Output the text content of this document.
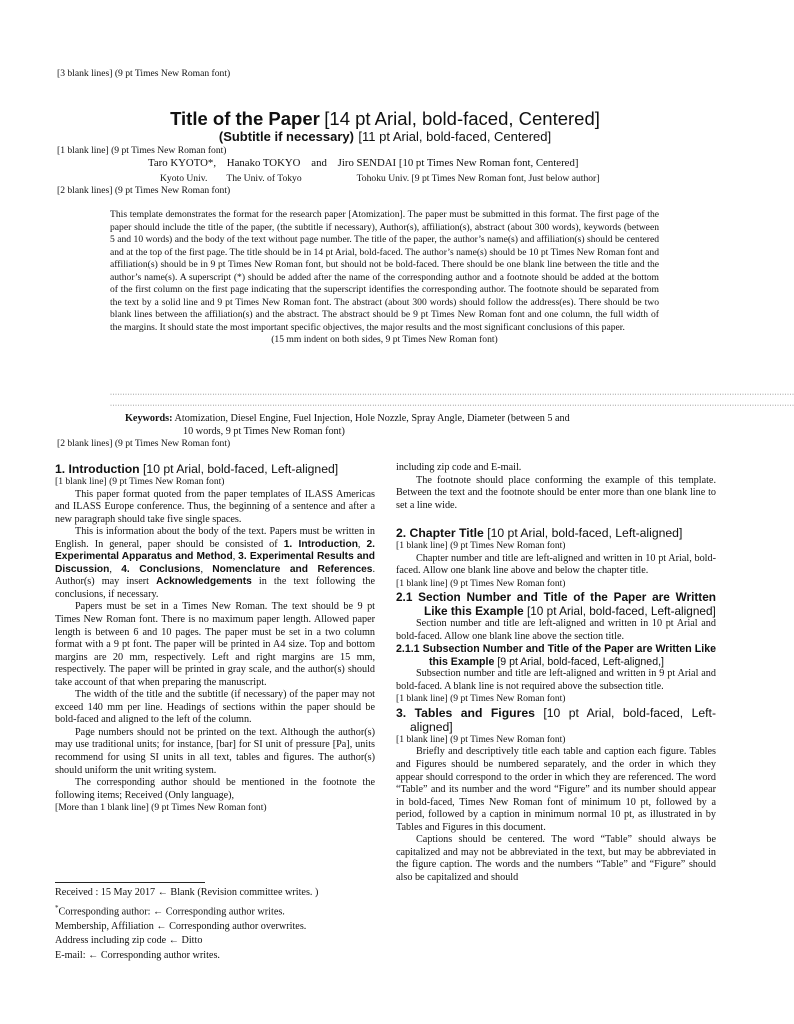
[3 blank lines] (9 pt Times New Roman font)
Title of the Paper [14 pt Arial, bold-faced, Centered]
(Subtitle if necessary) [11 pt Arial, bold-faced, Centered]
[1 blank line] (9 pt Times New Roman font)
Taro KYOTO*,    Hanako TOKYO    and    Jiro SENDAI [10 pt Times New Roman font, Centered]
Kyoto Univ.        The Univ. of Tokyo                       Tohoku Univ. [9 pt Times New Roman font, Just below author]
[2 blank lines] (9 pt Times New Roman font)

This template demonstrates the format for the research paper [Atomization]. The paper must be submitted in this format. The first page of the paper should include the title of the paper, (the subtitle if necessary), Author(s), affiliation(s), abstract (about 300 words), keywords (between 5 and 10 words) and the body of the text without page number. The title of the paper, the author’s name(s) and affiliation(s) should be centered and at the top of the first page. The title should be in 14 pt Arial, bold-faced. The author’s name(s) should be 10 pt Times New Roman font and affiliation(s) should be in 9 pt Times New Roman font, but should not be bold-faced. There should be one blank line between the title and the author’s name(s). A superscript (*) should be added after the name of the corresponding author and a footnote should be added at the bottom of the first column on the first page indicating that the superscript identifies the corresponding author. The footnote should be separated from the text by a solid line and 9 pt Times New Roman font. The abstract (about 300 words) should follow the address(es). There should be two blank lines between the affiliation(s) and the abstract. The abstract should be 9 pt Times New Roman font and one column, the full width of the margins. It should state the most important specific objectives, the major results and the most significant conclusions of this paper.

(15 mm indent on both sides, 9 pt Times New Roman font)

··················································································································································································································································································
··················································································································································································································································································
Keywords: Atomization, Diesel Engine, Fuel Injection, Hole Nozzle, Spray Angle, Diameter (between 5 and
10 words, 9 pt Times New Roman font)
[2 blank lines] (9 pt Times New Roman font)
1. Introduction [10 pt Arial, bold-faced, Left-aligned]

[1 blank line] (9 pt Times New Roman font)

This paper format quoted from the paper templates of ILASS Americas and ILASS Europe conference. Thus, the beginning of a sentence and after a new paragraph should take five single spaces.

This is information about the body of the text. Papers must be written in English. In general, paper should be consisted of 1. Introduction, 2. Experimental Apparatus and Method, 3. Experimental Results and Discussion, 4. Conclusions, Nomenclature and References. Author(s) may insert Acknowledgements in the text following the conclusions, if necessary.

Papers must be set in a Times New Roman. The text should be 9 pt Times New Roman font. There is no maximum paper length. Allowed paper length is between 6 and 10 pages. The paper must be set in a two column format with a 9 pt font. The paper will be printed in A4 size. Top and bottom margins are 20 mm, respectively. Left and right margins are 15 mm, respectively. The paper will be printed in gray scale, and the author(s) should take account of that when preparing the manuscript.

The width of the title and the subtitle (if necessary) of the paper may not exceed 140 mm per line. Headings of sections within the paper should be bold-faced and aligned to the left of the column.

Page numbers should not be printed on the text. Although the author(s) may use traditional units; for instance, [bar] for SI unit of pressure [Pa], units recommend for using SI units in all text, tables and figures. The author(s) should uniform the unit writing system.

The corresponding author should be mentioned in the footnote the following items; Received (Only language),

[More than 1 blank line] (9 pt Times New Roman font)

Received : 15 May 2017 ← Blank (Revision committee writes. )
*Corresponding author: ← Corresponding author writes.
Membership, Affiliation ← Corresponding author overwrites.
Address including zip code ← Ditto
E-mail: ← Corresponding author writes.

including zip code and E-mail.

The footnote should place conforming the example of this template. Between the text and the footnote should be enter more than one blank line to set a line wide.

2. Chapter Title [10 pt Arial, bold-faced, Left-aligned]

[1 blank line] (9 pt Times New Roman font)

Chapter number and title are left-aligned and written in 10 pt Arial, bold-faced. Allow one blank line above and below the chapter title.

[1 blank line] (9 pt Times New Roman font)

2.1 Section Number and Title of the Paper are Written Like this Example [10 pt Arial, bold-faced, Left-aligned]

Section number and title are left-aligned and written in 10 pt Arial and bold-faced. Allow one blank line above the section title.

2.1.1 Subsection Number and Title of the Paper are Written Like this Example [9 pt Arial, bold-faced, Left-aligned,]

Subsection number and title are left-aligned and written in 9 pt Arial and bold-faced. A blank line is not required above the subsection title.

[1 blank line] (9 pt Times New Roman font)

3. Tables and Figures [10 pt Arial, bold-faced, Left-aligned]

[1 blank line] (9 pt Times New Roman font)

Briefly and descriptively title each table and caption each figure. Tables and Figures should be numbered separately, and the order in which they appear should correspond to the order in which they are referenced. The word “Table” and its number and the word “Figure” and its number should appear in bold-faced, Times New Roman font of minimum 10 pt, followed by a period, followed by a caption in minimum normal 10 pt, as illustrated in by Tables and Figures in this document.

Captions should be centered. The word “Table” should always be capitalized and may not be abbreviated in the text, but may be abbreviated in the figure caption. The words and the numbers “Table” and “Figure” should also be capitalized and should
